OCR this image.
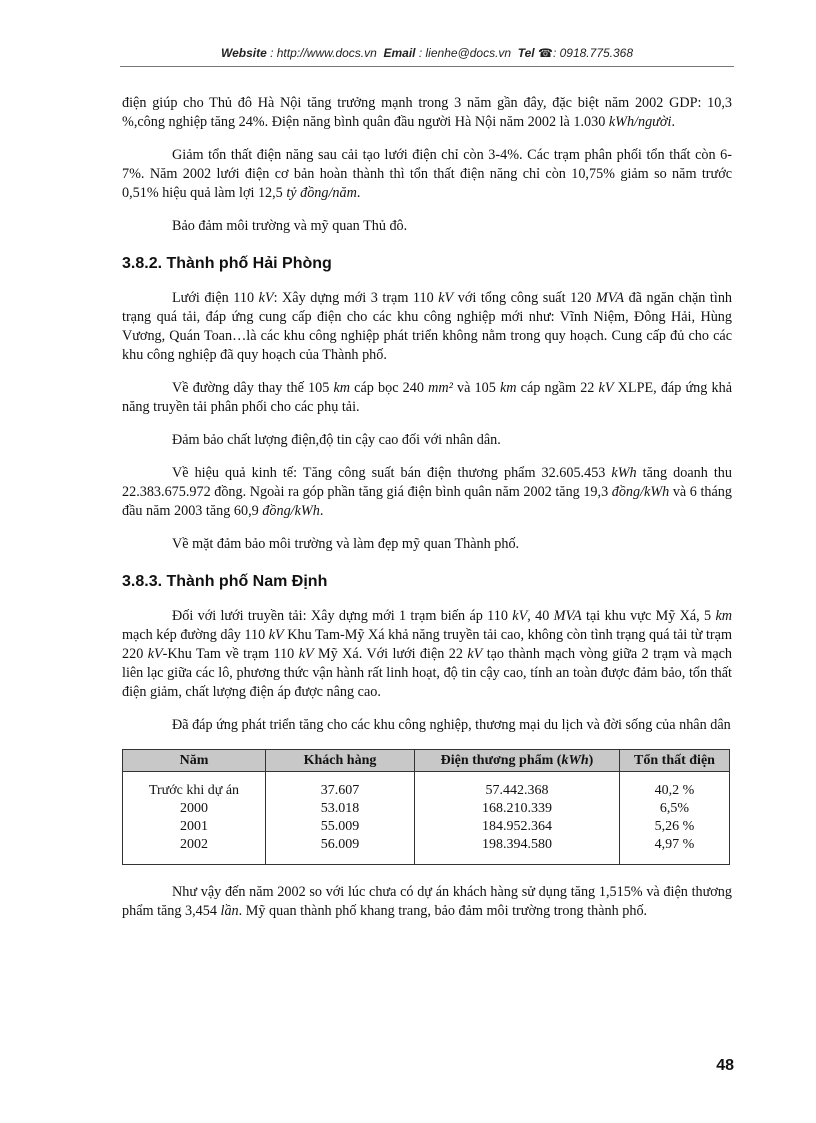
Website : http://www.docs.vn Email : lienhe@docs.vn Tel ☎: 0918.775.368

điện giúp cho Thủ đô Hà Nội tăng trưởng mạnh trong 3 năm gần đây, đặc biệt năm 2002 GDP: 10,3 %,công nghiệp tăng 24%. Điện năng bình quân đầu người Hà Nội năm 2002 là 1.030 kWh/người.

Giảm tổn thất điện năng sau cải tạo lưới điện chỉ còn 3-4%. Các trạm phân phối tổn thất còn 6-7%. Năm 2002 lưới điện cơ bản hoàn thành thì tổn thất điện năng chỉ còn 10,75% giảm so năm trước 0,51% hiệu quả làm lợi 12,5 tỷ đồng/năm.

Bảo đảm môi trường và mỹ quan Thủ đô.

3.8.2. Thành phố Hải Phòng

Lưới điện 110 kV: Xây dựng mới 3 trạm 110 kV với tổng công suất 120 MVA đã ngăn chặn tình trạng quá tải, đáp ứng cung cấp điện cho các khu công nghiệp mới như: Vĩnh Niệm, Đông Hải, Hùng Vương, Quán Toan…là các khu công nghiệp phát triển không nằm trong quy hoạch. Cung cấp đủ cho các khu công nghiệp đã quy hoạch của Thành phố.

Về đường dây thay thế 105 km cáp bọc 240 mm² và 105 km cáp ngầm 22 kV XLPE, đáp ứng khả năng truyền tải phân phối cho các phụ tải.

Đảm bảo chất lượng điện,độ tin cậy cao đối với nhân dân.

Về hiệu quả kinh tế: Tăng công suất bán điện thương phẩm 32.605.453 kWh tăng doanh thu 22.383.675.972 đồng. Ngoài ra góp phần tăng giá điện bình quân năm 2002 tăng 19,3 đồng/kWh và 6 tháng đầu năm 2003 tăng 60,9 đồng/kWh.

Về mặt đảm bảo môi trường và làm đẹp mỹ quan Thành phố.

3.8.3. Thành phố Nam Định

Đối với lưới truyền tải: Xây dựng mới 1 trạm biến áp 110 kV, 40 MVA tại khu vực Mỹ Xá, 5 km mạch kép đường dây 110 kV Khu Tam-Mỹ Xá khả năng truyền tải cao, không còn tình trạng quá tải từ trạm 220 kV-Khu Tam về trạm 110 kV Mỹ Xá. Với lưới điện 22 kV tạo thành mạch vòng giữa 2 trạm và mạch liên lạc giữa các lô, phương thức vận hành rất linh hoạt, độ tin cậy cao, tính an toàn được đảm bảo, tổn thất điện giảm, chất lượng điện áp được nâng cao.

Đã đáp ứng phát triển tăng cho các khu công nghiệp, thương mại du lịch và đời sống của nhân dân

Năm	Khách hàng	Điện thương phẩm (kWh)	Tổn thất điện
Trước khi dự án	37.607	57.442.368	40,2 %
2000	53.018	168.210.339	6,5%
2001	55.009	184.952.364	5,26 %
2002	56.009	198.394.580	4,97 %

Như vậy đến năm 2002 so với lúc chưa có dự án khách hàng sử dụng tăng 1,515% và điện thương phẩm tăng 3,454 lần. Mỹ quan thành phố khang trang, bảo đảm môi trường trong thành phố.

48
